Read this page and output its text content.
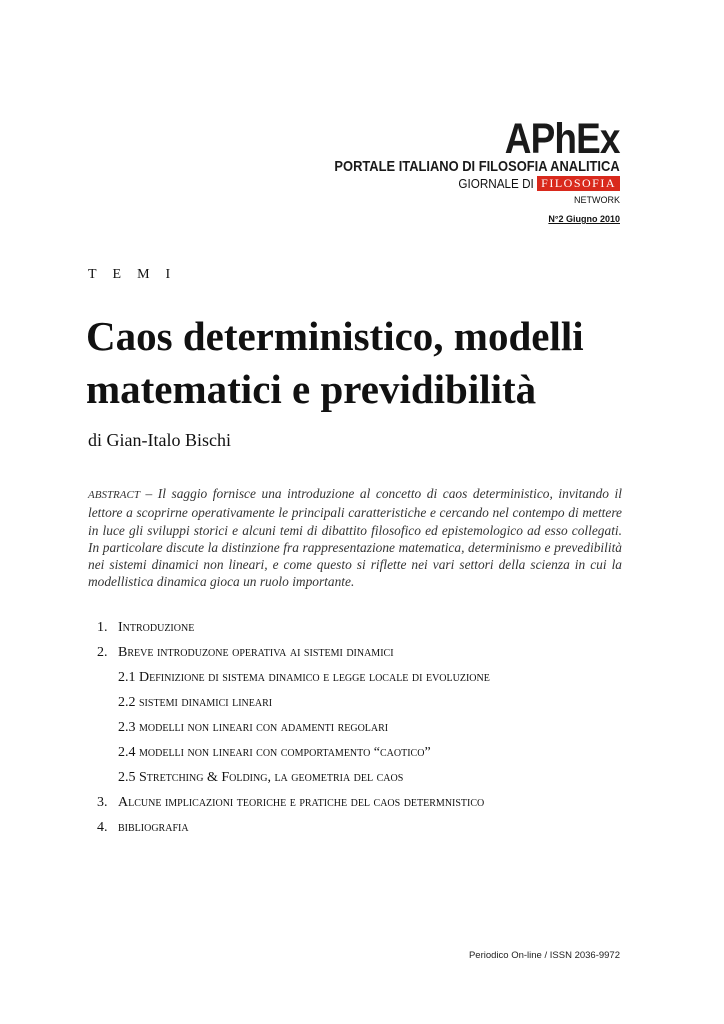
APhEx
PORTALE ITALIANO DI FILOSOFIA ANALITICA
GIORNALE DI FILOSOFIA
NETWORK
N°2 Giugno 2010
TEMI
Caos deterministico, modelli matematici e previdibilità
di Gian-Italo Bischi

ABSTRACT – Il saggio fornisce una introduzione al concetto di caos deterministico, invitando il lettore a scoprirne operativamente le principali caratteristiche e cercando nel contempo di mettere in luce gli sviluppi storici e alcuni temi di dibattito filosofico ed epistemologico ad esso collegati. In particolare discute la distinzione fra rappresentazione matematica, determinismo e prevedibilità nei sistemi dinamici non lineari, e come questo si riflette nei vari settori della scienza in cui la modellistica dinamica gioca un ruolo importante.

1. Introduzione
2. Breve introduzone operativa ai sistemi dinamici
2.1 Definizione di sistema dinamico e legge locale di evoluzione
2.2 sistemi dinamici lineari
2.3 modelli non lineari con adamenti regolari
2.4 modelli non lineari con comportamento “caotico”
2.5 Stretching & Folding, la geometria del caos
3. Alcune implicazioni teoriche e pratiche del caos determnistico
4. bibliografia
Periodico On-line / ISSN 2036-9972
